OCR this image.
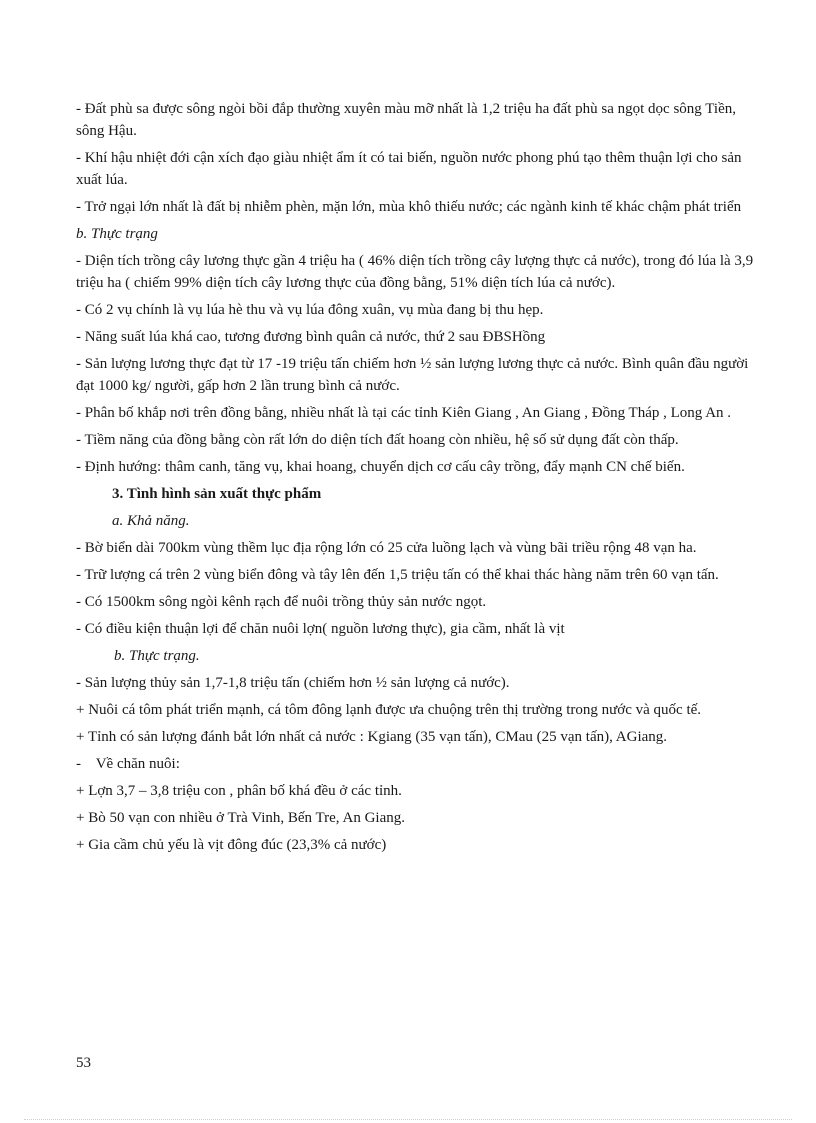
- Đất phù sa được sông ngòi bồi đắp thường xuyên màu mỡ nhất là 1,2 triệu ha đất phù sa ngọt dọc sông Tiền, sông Hậu.

- Khí hậu nhiệt đới cận xích đạo giàu nhiệt ẩm ít có tai biến, nguồn nước phong phú tạo thêm thuận lợi cho sản xuất lúa.

- Trở ngại lớn nhất là đất bị nhiễm phèn, mặn lớn, mùa khô thiếu nước; các ngành kinh tế khác chậm phát triển

b. Thực trạng

- Diện tích trồng cây lương thực gần 4 triệu ha ( 46% diện tích trồng cây lượng thực cả nước), trong đó lúa là 3,9 triệu ha ( chiếm 99% diện tích cây lương thực của đồng bằng, 51% diện tích lúa cả nước).

- Có 2 vụ chính là vụ lúa hè thu và vụ lúa đông xuân, vụ mùa đang bị thu hẹp.

- Năng suất lúa khá cao, tương đương bình quân cả nước, thứ 2 sau ĐBSHồng

- Sản lượng lương thực đạt từ 17 -19 triệu tấn chiếm hơn ½ sản lượng lương thực cả nước. Bình quân đầu người đạt 1000 kg/ người, gấp hơn 2 lần trung bình cả nước.

- Phân bố khắp nơi trên đồng bằng, nhiều nhất là tại các tỉnh Kiên Giang , An Giang , Đồng Tháp , Long An .

- Tiềm năng của đồng bằng còn rất lớn do diện tích đất hoang còn nhiều, hệ số sử dụng đất còn thấp.

- Định hướng: thâm canh, tăng vụ, khai hoang, chuyển dịch cơ cấu cây trồng, đẩy mạnh CN chế biến.

3. Tình hình sản xuất thực phẩm

a. Khả năng.

- Bờ biển dài 700km vùng thềm lục địa rộng lớn có 25 cửa luồng lạch và vùng bãi triều rộng 48 vạn ha.

- Trữ lượng cá trên 2 vùng biển đông và tây lên đến 1,5 triệu tấn có thể khai thác hàng năm trên 60 vạn tấn.

- Có 1500km sông ngòi kênh rạch để nuôi trồng thủy sản nước ngọt.

- Có điều kiện thuận lợi để chăn nuôi lợn( nguồn lương thực), gia cầm, nhất là vịt

b. Thực trạng.

- Sản lượng thủy sản 1,7-1,8 triệu tấn (chiếm hơn ½ sản lượng cả nước).

+ Nuôi cá tôm phát triển mạnh, cá tôm đông lạnh được ưa chuộng trên thị trường trong nước và quốc tế.

+ Tỉnh có sản lượng đánh bắt lớn nhất cả nước : Kgiang (35 vạn tấn), CMau (25 vạn tấn), AGiang.

-    Về chăn nuôi:

+ Lợn 3,7 – 3,8 triệu con , phân bố khá đều ở các tỉnh.

+ Bò 50 vạn con nhiều ở Trà Vinh, Bến Tre, An Giang.

+ Gia cầm chủ yếu là vịt đông đúc (23,3% cả nước)

53
